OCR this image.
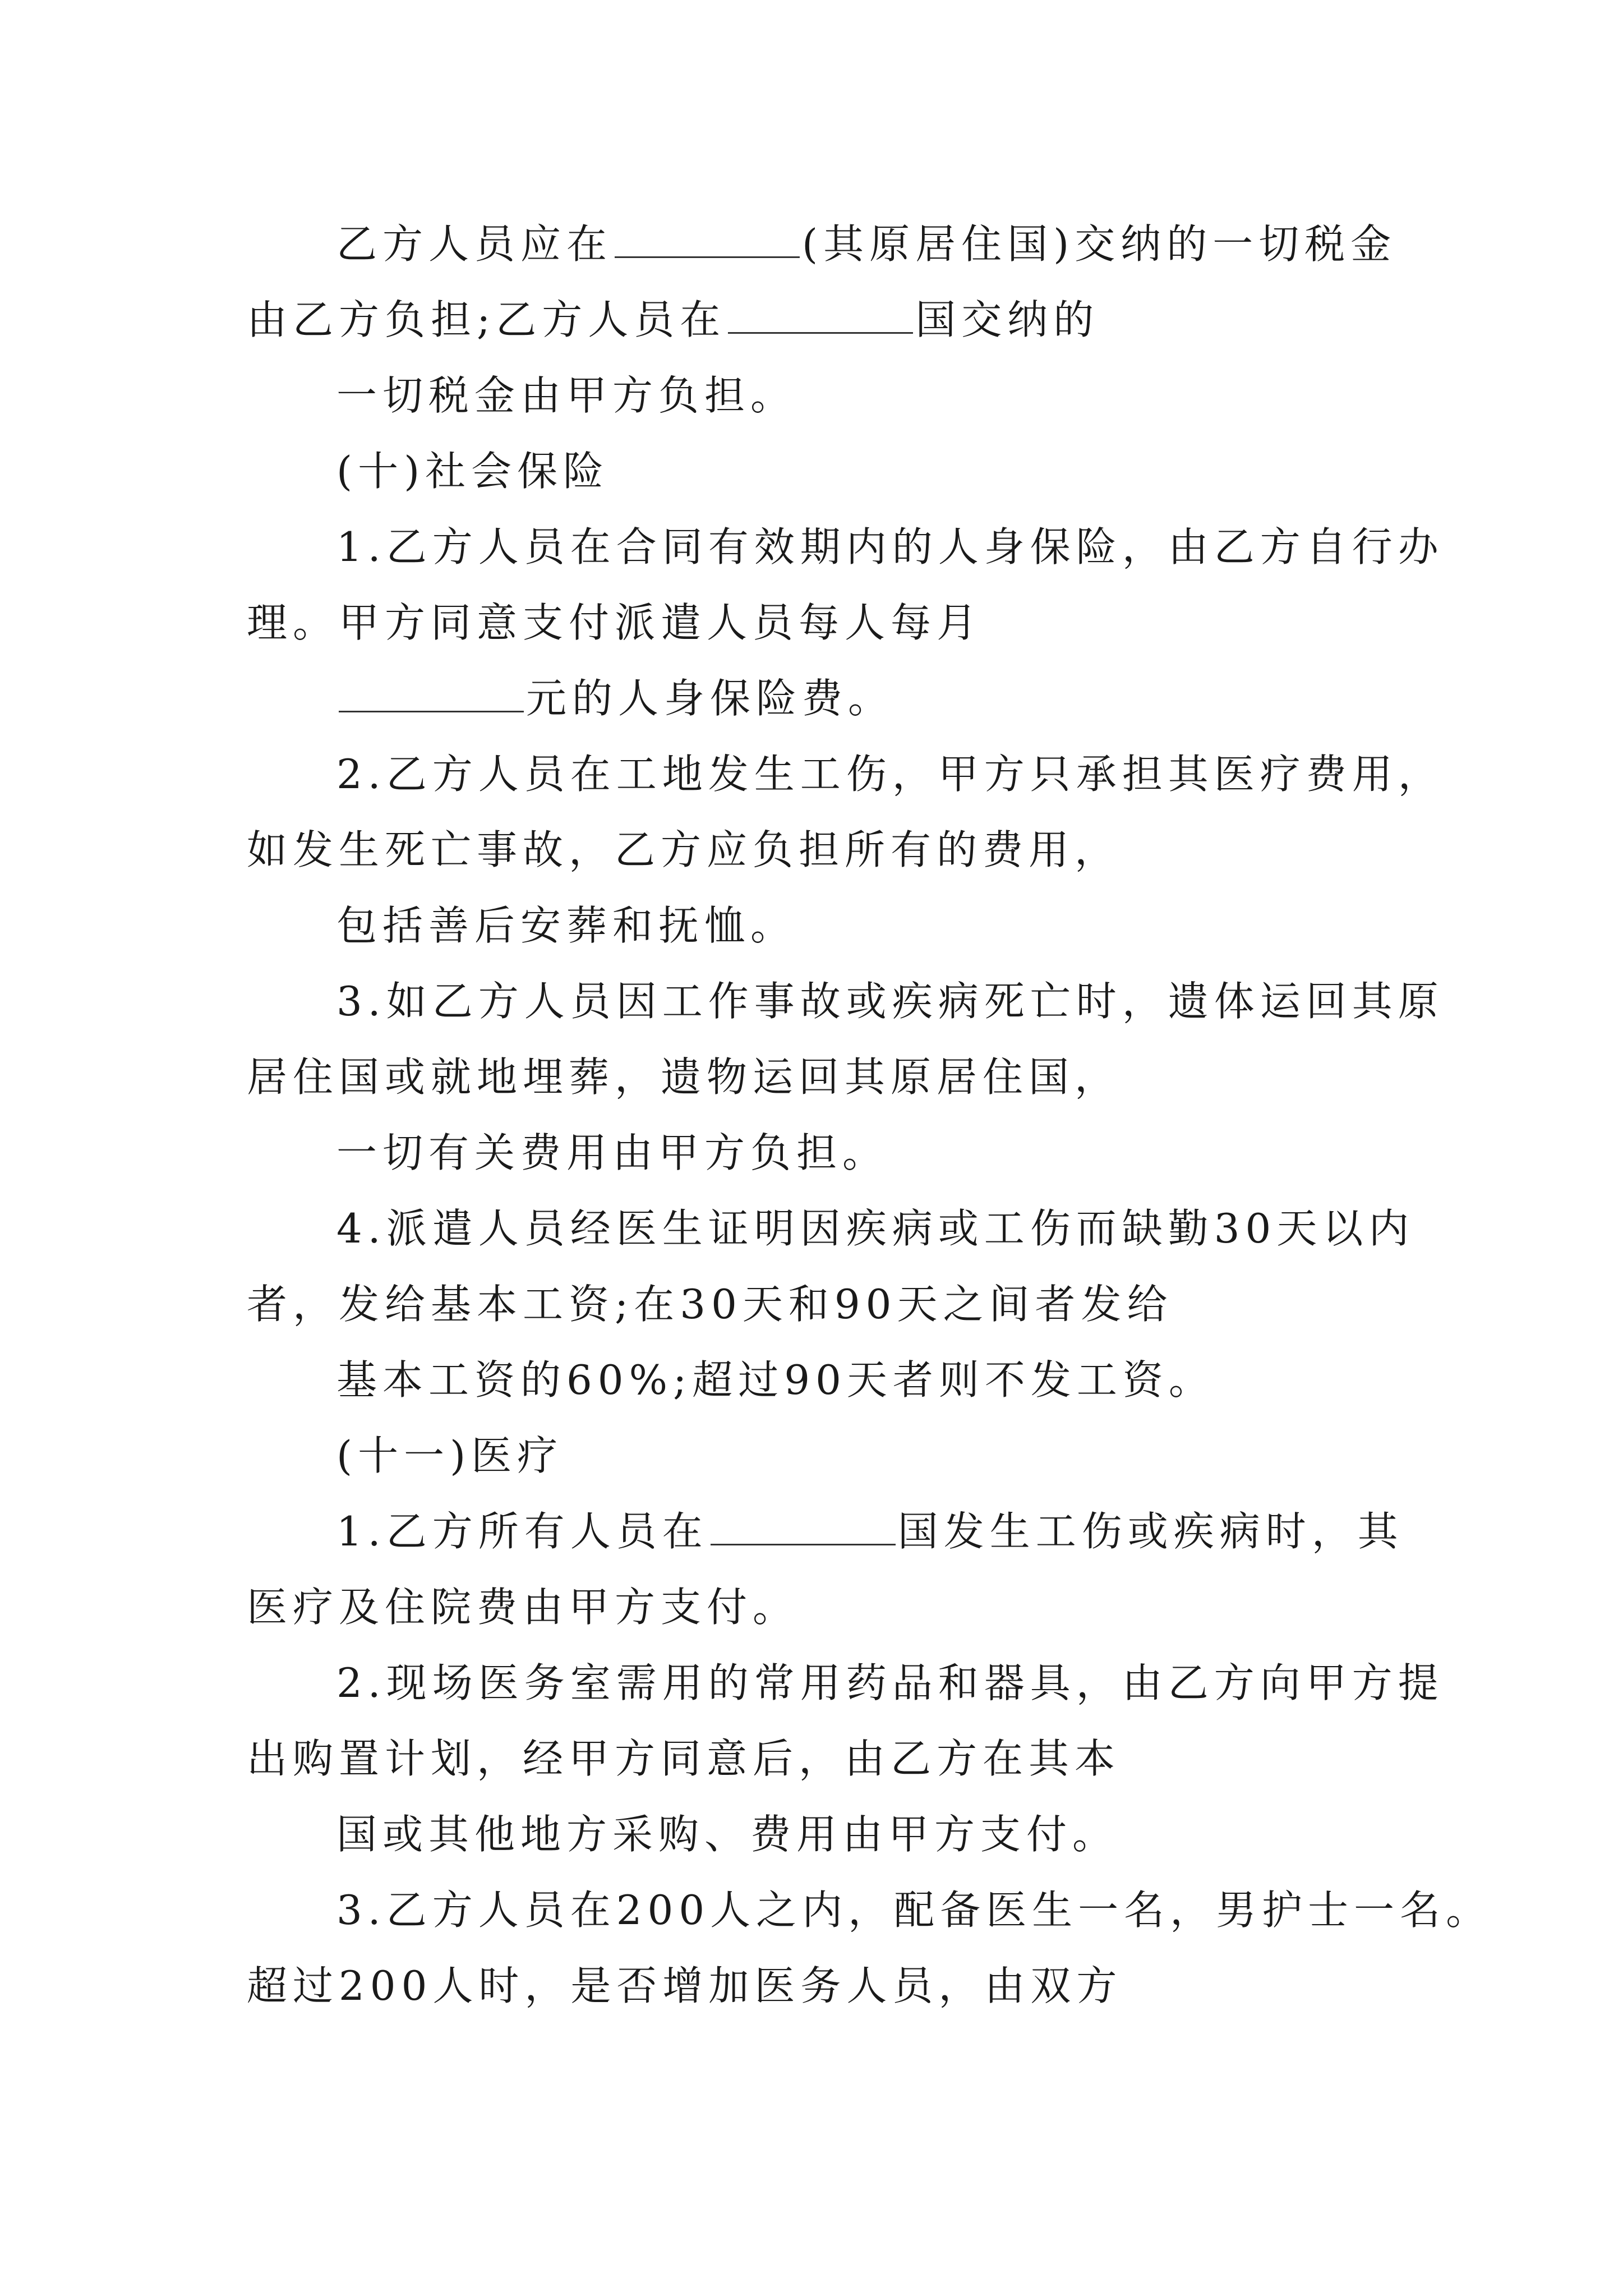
乙方人员应在	(其原居住国)交纳的一切税金
由乙方负担;乙方人员在	国交纳的
一切税金由甲方负担。
(十)社会保险
1.乙方人员在合同有效期内的人身保险，由乙方自行办
理。甲方同意支付派遣人员每人每月
元的人身保险费。
2.乙方人员在工地发生工伤，甲方只承担其医疗费用，
如发生死亡事故，乙方应负担所有的费用，
包括善后安葬和抚恤。
3.如乙方人员因工作事故或疾病死亡时，遗体运回其原
居住国或就地埋葬，遗物运回其原居住国，
一切有关费用由甲方负担。
4.派遣人员经医生证明因疾病或工伤而缺勤30天以内
者，发给基本工资;在30天和90天之间者发给
基本工资的60%;超过90天者则不发工资。
(十一)医疗
1.乙方所有人员在	国发生工伤或疾病时，其
医疗及住院费由甲方支付。
2.现场医务室需用的常用药品和器具，由乙方向甲方提
出购置计划，经甲方同意后，由乙方在其本
国或其他地方采购、费用由甲方支付。
3.乙方人员在200人之内，配备医生一名，男护士一名。
超过200人时，是否增加医务人员，由双方
